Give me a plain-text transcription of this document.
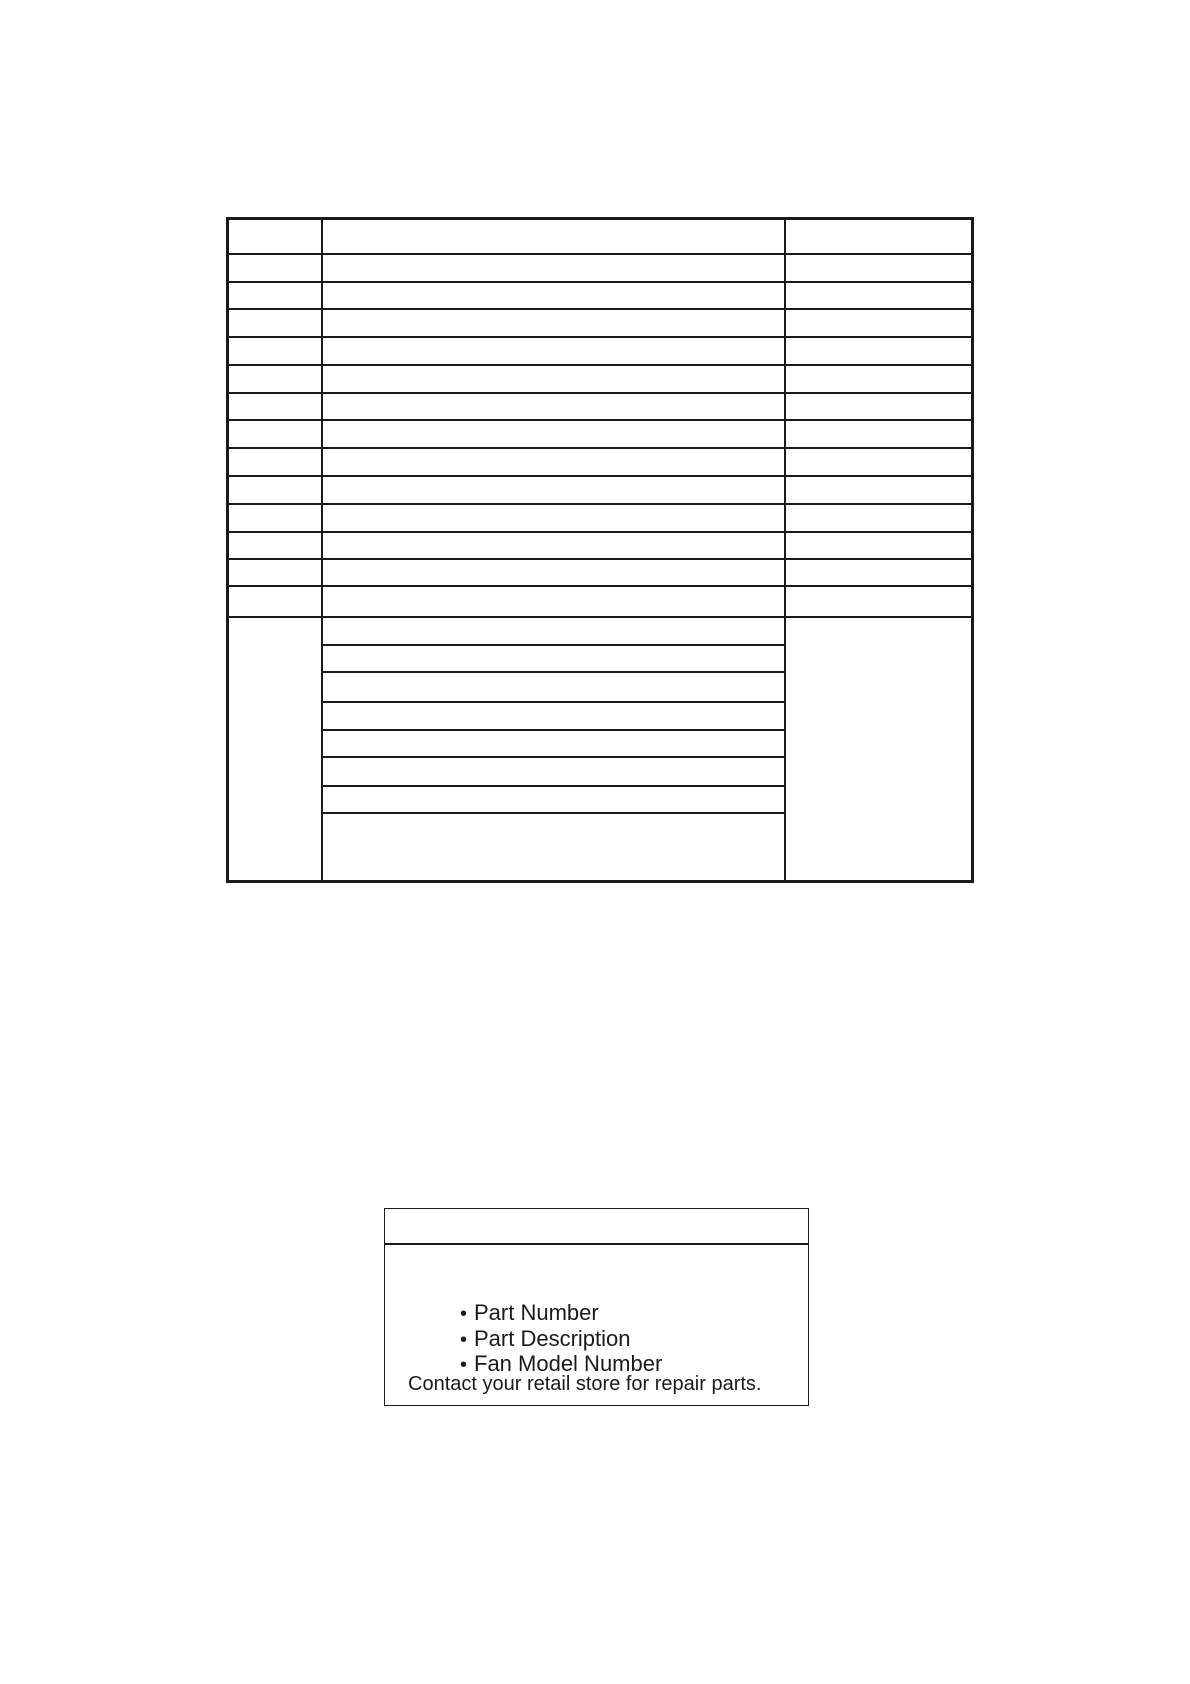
• Part Number
• Part Description
• Fan Model Number
Contact your retail store for repair parts.
